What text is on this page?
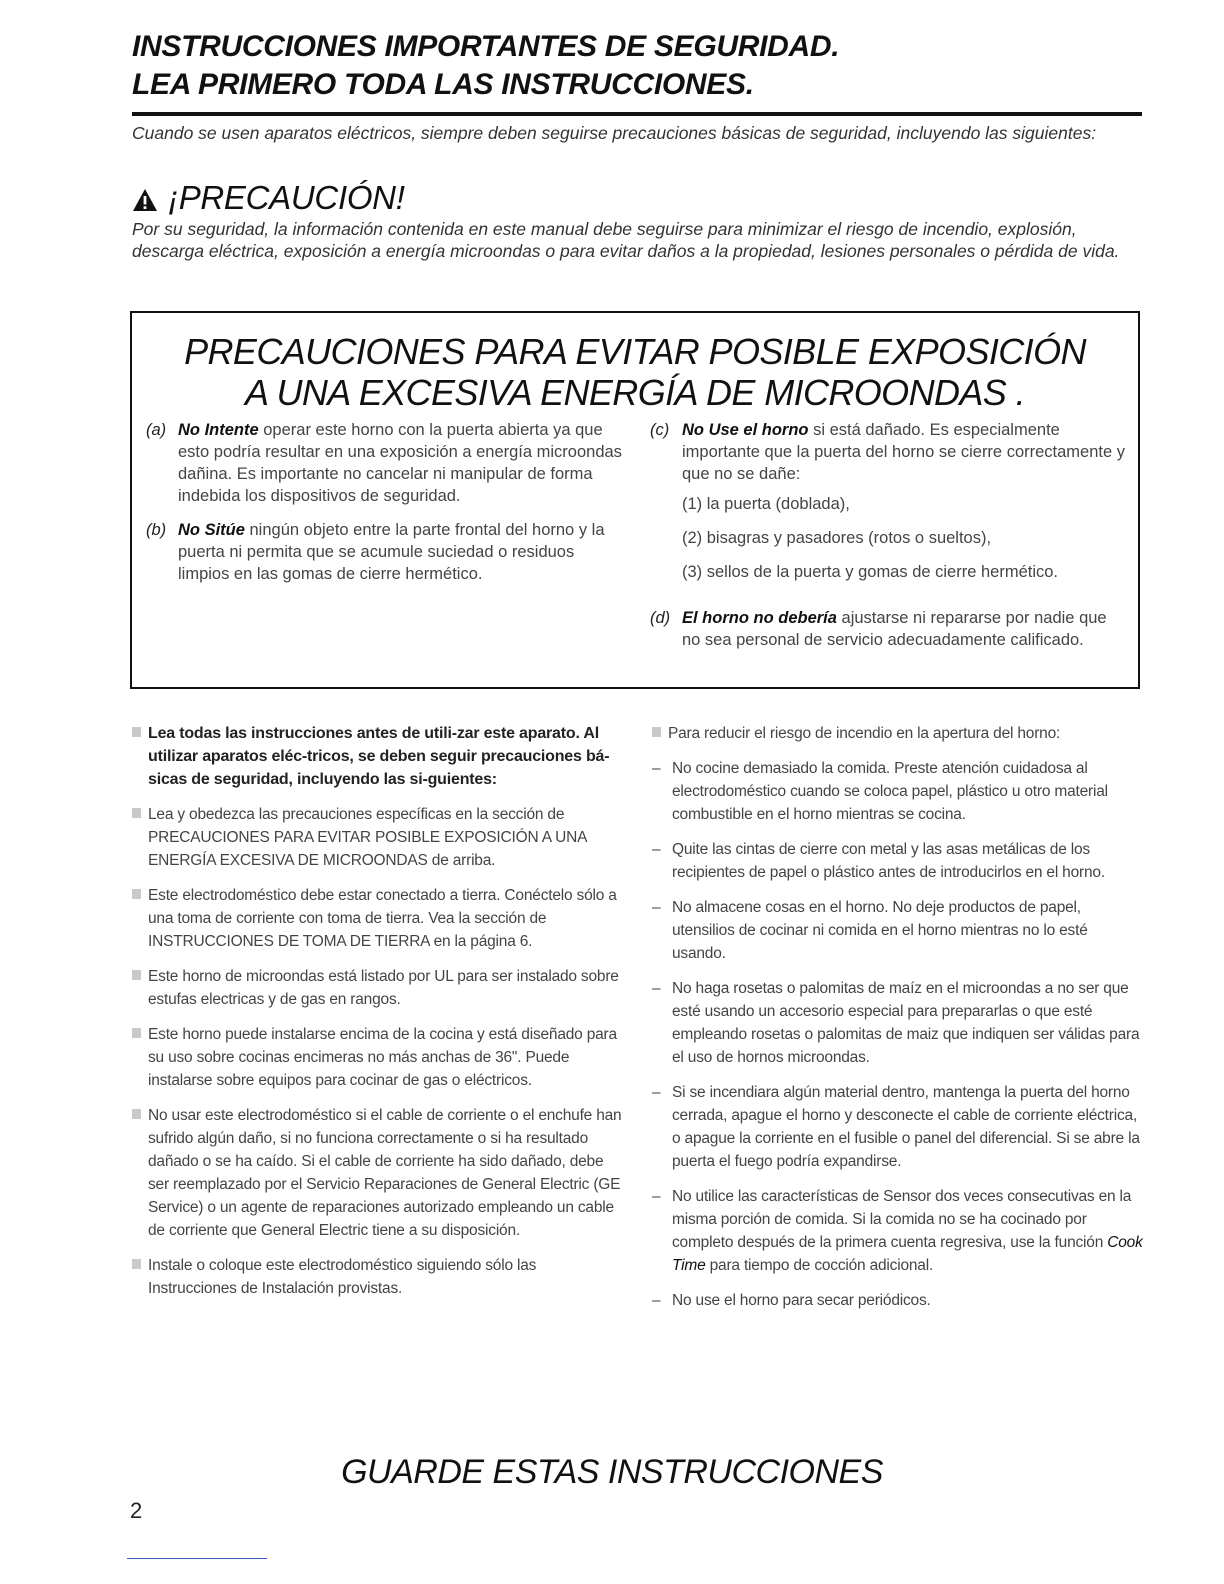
INSTRUCCIONES IMPORTANTES DE SEGURIDAD.
LEA PRIMERO TODA LAS INSTRUCCIONES.
Cuando se usen aparatos eléctricos, siempre deben seguirse precauciones básicas de seguridad, incluyendo las siguientes:
¡PRECAUCIÓN!
Por su seguridad, la información contenida en este manual debe seguirse para minimizar el riesgo de incendio, explosión, descarga eléctrica, exposición a energía microondas o para evitar daños a la propiedad, lesiones personales o pérdida de vida.
PRECAUCIONES PARA EVITAR POSIBLE EXPOSICIÓN
A UNA EXCESIVA ENERGÍA DE MICROONDAS .
(a) No Intente operar este horno con la puerta abierta ya que esto podría resultar en una exposición a energía microondas dañina. Es importante no cancelar ni manipular de forma indebida los dispositivos de seguridad.
(b) No Sitúe ningún objeto entre la parte frontal del horno y la puerta ni permita que se acumule suciedad o residuos limpios en las gomas de cierre hermético.
(c) No Use el horno si está dañado. Es especialmente importante que la puerta del horno se cierre correctamente y que no se dañe:
(1) la puerta (doblada),
(2) bisagras y pasadores (rotos o sueltos),
(3) sellos de la puerta y gomas de cierre hermético.
(d) El horno no debería ajustarse ni repararse por nadie que no sea personal de servicio adecuadamente calificado.
Lea todas las instrucciones antes de utili-zar este aparato. Al utilizar aparatos eléc-tricos, se deben seguir precauciones bá-sicas de seguridad, incluyendo las si-guientes:
Lea y obedezca las precauciones específicas en la sección de PRECAUCIONES PARA EVITAR POSIBLE EXPOSICIÓN A UNA ENERGÍA EXCESIVA DE MICROONDAS de arriba.
Este electrodoméstico debe estar conectado a tierra. Conéctelo sólo a una toma de corriente con toma de tierra. Vea la sección de INSTRUCCIONES DE TOMA DE TIERRA en la página 6.
Este horno de microondas está listado por UL para ser instalado sobre estufas electricas y de gas en rangos.
Este horno puede instalarse encima de la cocina y está diseñado para su uso sobre cocinas encimeras no más anchas de 36". Puede instalarse sobre equipos para cocinar de gas o eléctricos.
No usar este electrodoméstico si el cable de corriente o el enchufe han sufrido algún daño, si no funciona correctamente o si ha resultado dañado o se ha caído. Si el cable de corriente ha sido dañado, debe ser reemplazado por el Servicio Reparaciones de General Electric (GE Service) o un agente de reparaciones autorizado empleando un cable de corriente que General Electric tiene a su disposición.
Instale o coloque este electrodoméstico siguiendo sólo las Instrucciones de Instalación provistas.
Para reducir el riesgo de incendio en la apertura del horno:
– No cocine demasiado la comida. Preste atención cuidadosa al electrodoméstico cuando se coloca papel, plástico u otro material combustible en el horno mientras se cocina.
– Quite las cintas de cierre con metal y las asas metálicas de los recipientes de papel o plástico antes de introducirlos en el horno.
– No almacene cosas en el horno. No deje productos de papel, utensilios de cocinar ni comida en el horno mientras no lo esté usando.
– No haga rosetas o palomitas de maíz en el microondas a no ser que esté usando un accesorio especial para prepararlas o que esté empleando rosetas o palomitas de maiz que indiquen ser válidas para el uso de hornos microondas.
– Si se incendiara algún material dentro, mantenga la puerta del horno cerrada, apague el horno y desconecte el cable de corriente eléctrica, o apague la corriente en el fusible o panel del diferencial. Si se abre la puerta el fuego podría expandirse.
– No utilice las características de Sensor dos veces consecutivas en la misma porción de comida. Si la comida no se ha cocinado por completo después de la primera cuenta regresiva, use la función Cook Time para tiempo de cocción adicional.
– No use el horno para secar periódicos.
GUARDE ESTAS INSTRUCCIONES
2
